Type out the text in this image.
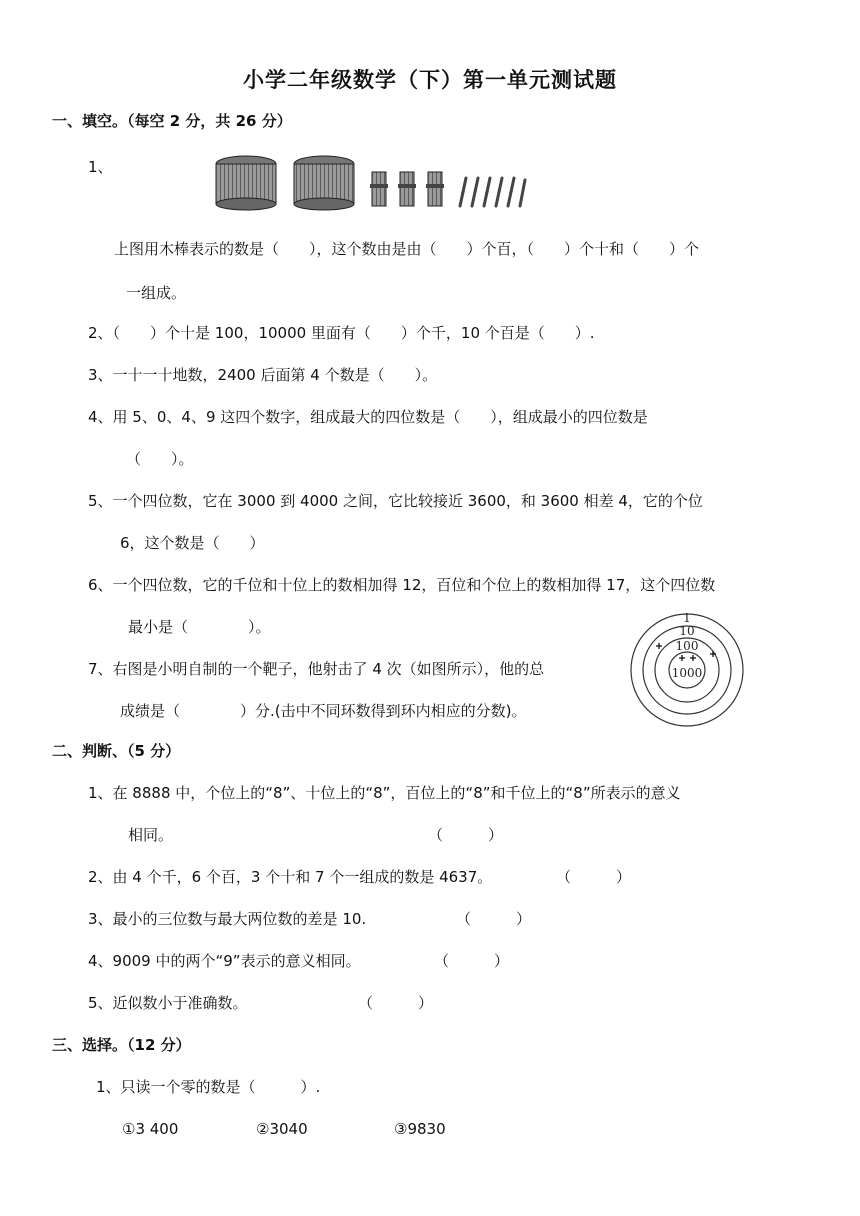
小学二年级数学（下）第一单元测试题
一、填空。（每空 2 分，共 26 分）
1、
上图用木棒表示的数是（　　），这个数由是由（　　）个百，（　　）个十和（　　）个
一组成。
2、（　　）个十是 100，10000 里面有（　　）个千，10 个百是（　　）.
3、一十一十地数，2400 后面第 4 个数是（　　）。
4、用 5、0、4、9 这四个数字，组成最大的四位数是（　　），组成最小的四位数是
（　　）。
5、一个四位数，它在 3000 到 4000 之间，它比较接近 3600，和 3600 相差 4，它的个位
6，这个数是（　　）
6、一个四位数，它的千位和十位上的数相加得 12，百位和个位上的数相加得 17，这个四位数
最小是（　　　　）。
7、右图是小明自制的一个靶子，他射击了 4 次（如图所示），他的总
成绩是（　　　　）分.(击中不同环数得到环内相应的分数)。
1
10
100
1000
二、判断、（5 分）
1、在 8888 中，个位上的“8”、十位上的“8”，百位上的“8”和千位上的“8”所表示的意义
相同。	（　　　）
2、由 4 个千，6 个百，3 个十和 7 个一组成的数是 4637。	（　　　）
3、最小的三位数与最大两位数的差是 10.	（　　　）
4、9009 中的两个“9”表示的意义相同。	（　　　）
5、近似数小于准确数。	（　　　）
三、选择。（12 分）
1、只读一个零的数是（　　　）.
①3 400	②3040	③9830
